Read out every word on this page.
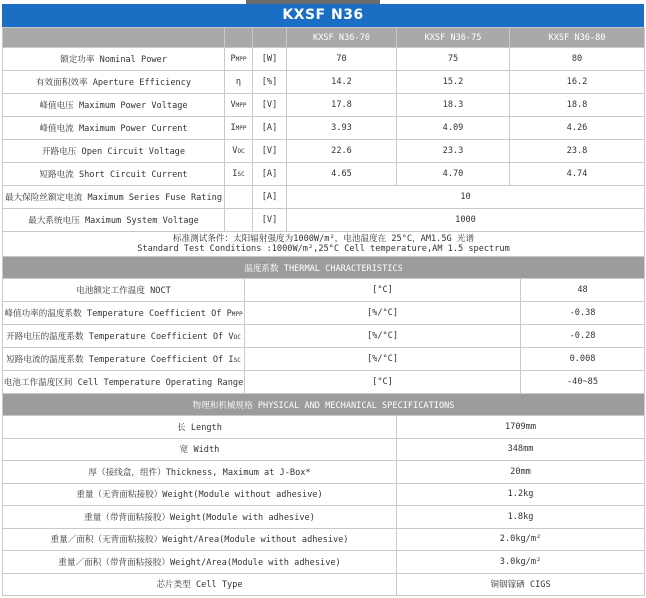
KXSF N36
			KXSF N36-70	KXSF N36-75	KXSF N36-80
额定功率 Nominal Power	PMPP	[W]	70	75	80
有效面积效率 Aperture Efficiency	η	[%]	14.2	15.2	16.2
峰值电压 Maximum Power Voltage	VMPP	[V]	17.8	18.3	18.8
峰值电流 Maximum Power Current	IMPP	[A]	3.93	4.09	4.26
开路电压 Open Circuit Voltage	VOC	[V]	22.6	23.3	23.8
短路电流 Short Circuit Current	ISC	[A]	4.65	4.70	4.74
最大保险丝额定电流 Maximum Series Fuse Rating		[A]	10		
最大系统电压 Maximum System Voltage		[V]	1000		

标准测试条件：太阳辐射强度为1000W/m²，电池温度在 25°C，AM1.5G 光谱
Standard Test Conditions :1000W/m²,25°C Cell temperature,AM 1.5 spectrum					
温度系数 THERMAL CHARACTERISTICS		
电池额定工作温度 NOCT	[°C]	48
峰值功率的温度系数 Temperature Coefficient Of PMPP	[%/°C]	-0.38
开路电压的温度系数 Temperature Coefficient Of VOC	[%/°C]	-0.28
短路电流的温度系数 Temperature Coefficient Of ISC	[%/°C]	0.008
电池工作温度区间 Cell Temperature Operating Range	[°C]	-40~85
物理和机械规格 PHYSICAL AND MECHANICAL SPECIFICATIONS	
长 Length	1709mm
宽 Width	348mm
厚（接线盒，组件）Thickness, Maximum at J-Box*	20mm
重量（无背面粘接胶）Weight(Module without adhesive)	1.2kg
重量（带背面粘接胶）Weight(Module with adhesive)	1.8kg
重量／面积（无背面粘接胶）Weight/Area(Module without adhesive)	2.0kg/m²
重量／面积（带背面粘接胶）Weight/Area(Module with adhesive)	3.0kg/m²
芯片类型 Cell Type	铜铟镓硒 CIGS
